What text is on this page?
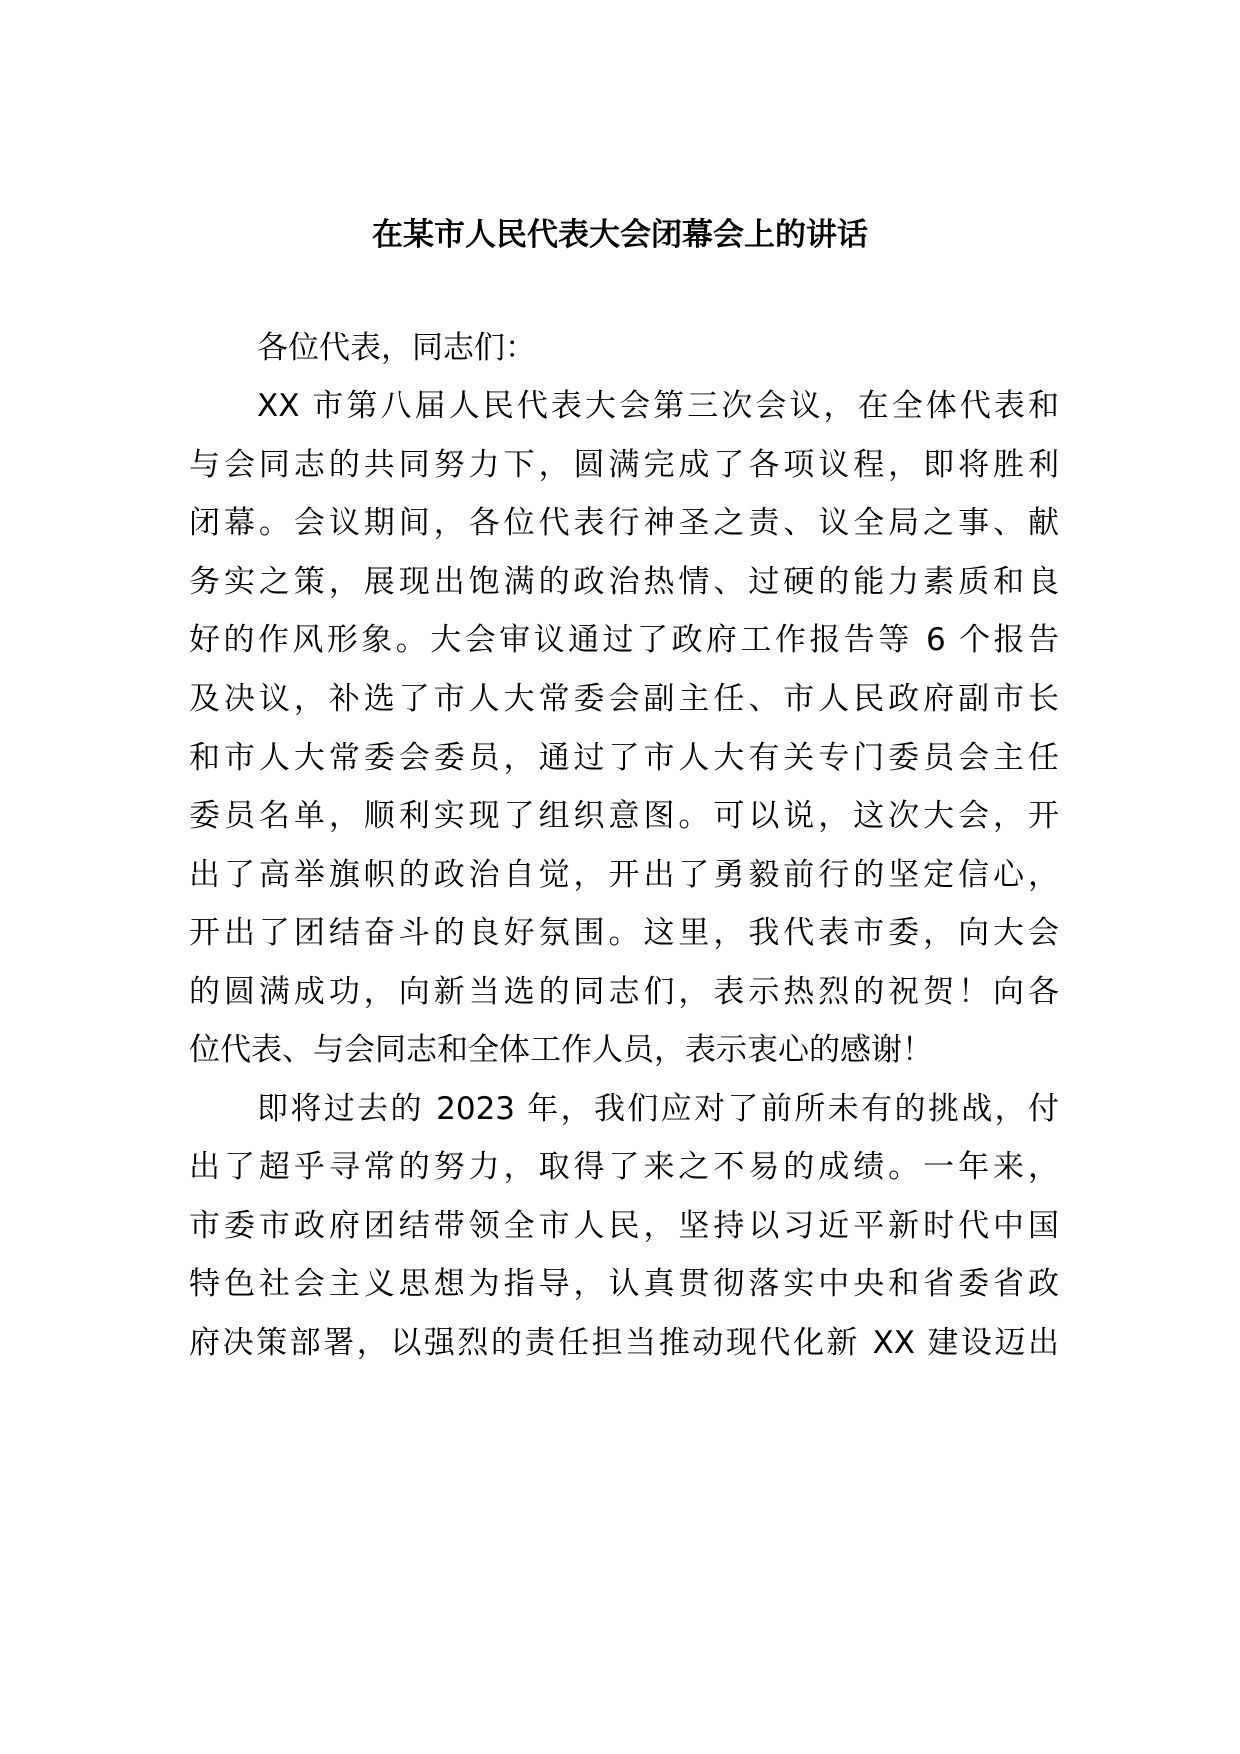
在某市人民代表大会闭幕会上的讲话
各位代表，同志们：
XX 市第八届人民代表大会第三次会议，在全体代表和
与会同志的共同努力下，圆满完成了各项议程，即将胜利
闭幕。会议期间，各位代表行神圣之责、议全局之事、献
务实之策，展现出饱满的政治热情、过硬的能力素质和良
好的作风形象。大会审议通过了政府工作报告等 6 个报告
及决议，补选了市人大常委会副主任、市人民政府副市长
和市人大常委会委员，通过了市人大有关专门委员会主任
委员名单，顺利实现了组织意图。可以说，这次大会，开
出了高举旗帜的政治自觉，开出了勇毅前行的坚定信心，
开出了团结奋斗的良好氛围。这里，我代表市委，向大会
的圆满成功，向新当选的同志们，表示热烈的祝贺！向各
位代表、与会同志和全体工作人员，表示衷心的感谢！
即将过去的 2023 年，我们应对了前所未有的挑战，付
出了超乎寻常的努力，取得了来之不易的成绩。一年来，
市委市政府团结带领全市人民，坚持以习近平新时代中国
特色社会主义思想为指导，认真贯彻落实中央和省委省政
府决策部署，以强烈的责任担当推动现代化新 XX 建设迈出
